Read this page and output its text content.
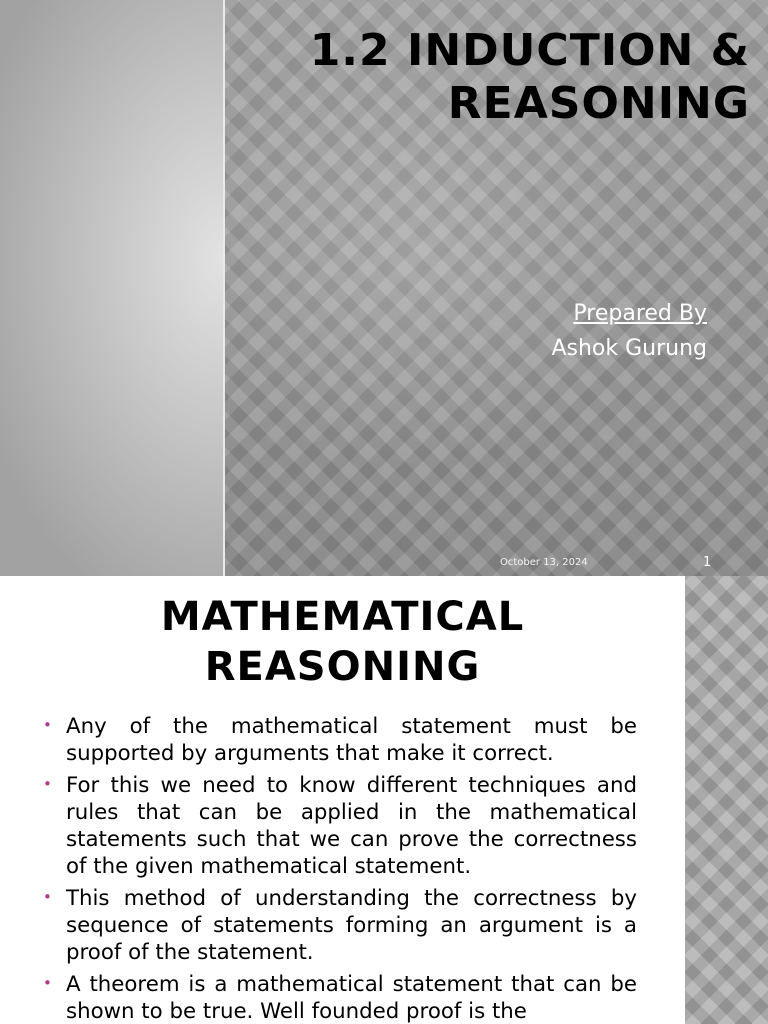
1.2 INDUCTION & REASONING
Prepared By
Ashok Gurung
October 13, 2024	1
MATHEMATICAL REASONING
• Any of the mathematical statement must be supported by arguments that make it correct.
• For this we need to know different techniques and rules that can be applied in the mathematical statements such that we can prove the correctness of the given mathematical statement.
• This method of understanding the correctness by sequence of statements forming an argument is a proof of the statement.
• A theorem is a mathematical statement that can be shown to be true. Well founded proof is the
